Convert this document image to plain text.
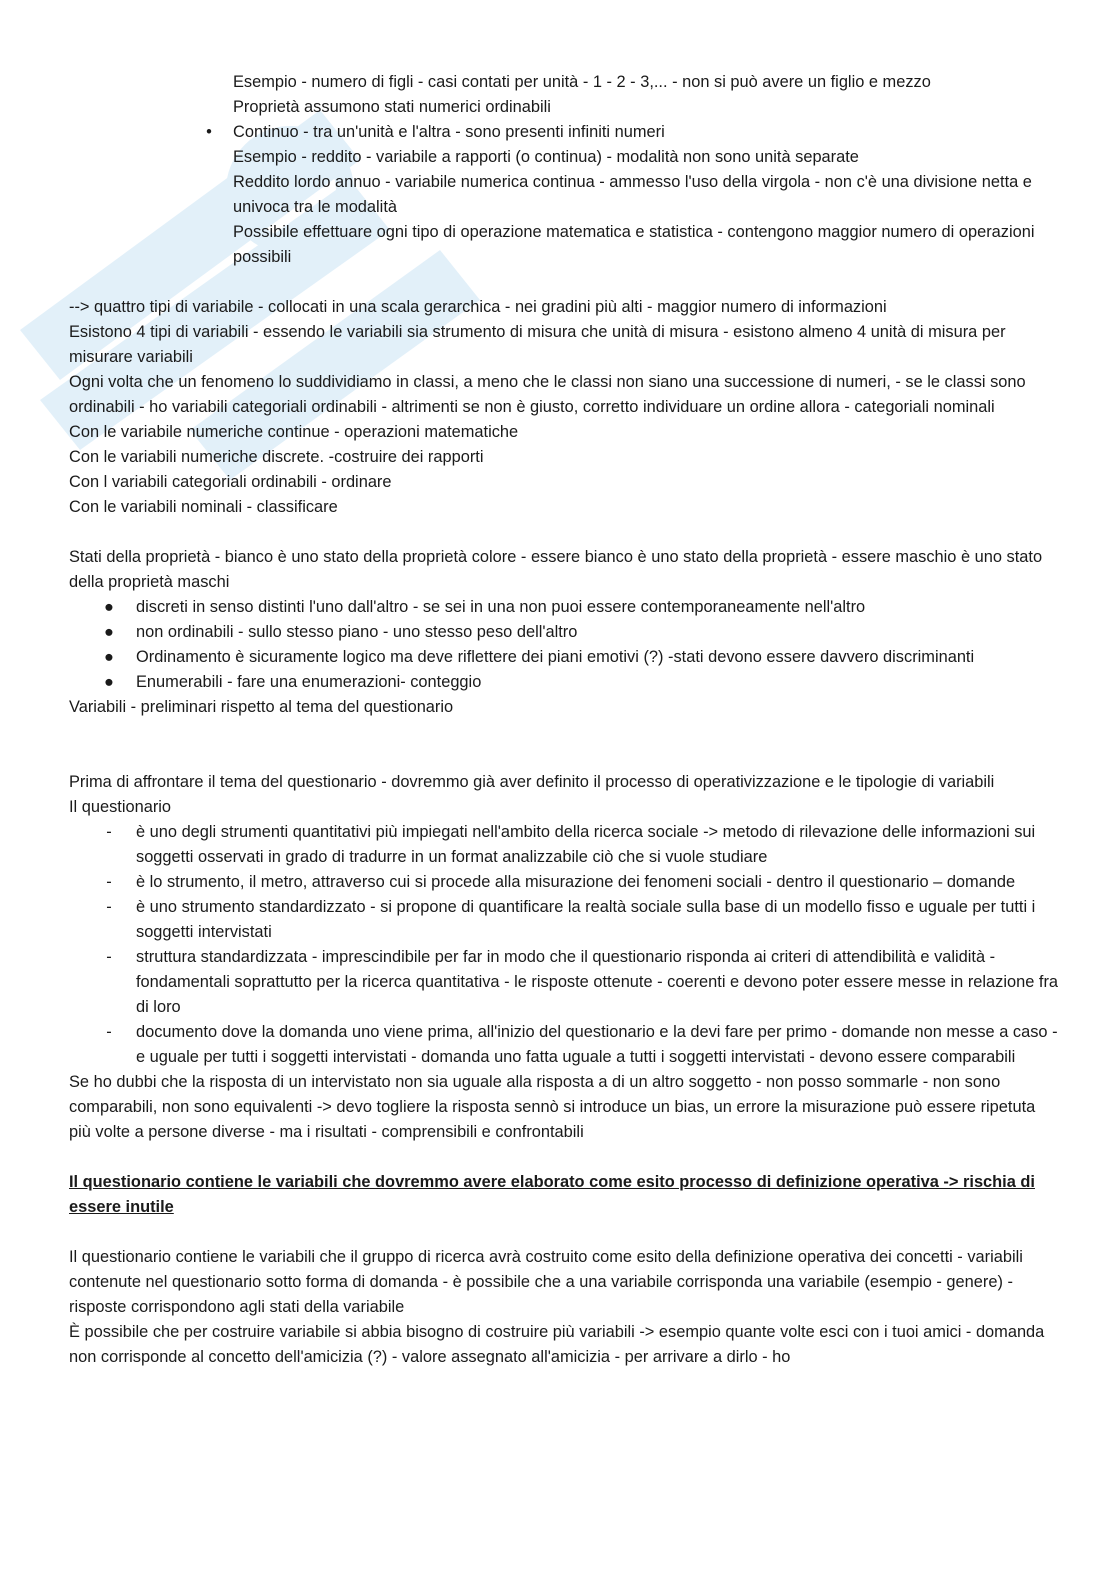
Esempio - numero di figli - casi contati per unità - 1 - 2 - 3,... - non si può avere un figlio e mezzo
Proprietà assumono stati numerici ordinabili
•	Continuo - tra un'unità e l'altra - sono presenti infiniti numeri
Esempio - reddito - variabile a rapporti (o continua) - modalità non sono unità separate
Reddito lordo annuo - variabile numerica continua - ammesso l'uso della virgola - non c'è una divisione netta e univoca tra le modalità
Possibile effettuare ogni tipo di operazione matematica e statistica - contengono maggior numero di operazioni possibili

--> quattro tipi di variabile - collocati in una scala gerarchica - nei gradini più alti - maggior numero di informazioni

Esistono 4 tipi di variabili - essendo le variabili sia strumento di misura che unità di misura - esistono almeno 4 unità di misura per misurare variabili

Ogni volta che un fenomeno lo suddividiamo in classi, a meno che le classi non siano una successione di numeri, - se le classi sono ordinabili - ho variabili categoriali ordinabili - altrimenti se non è giusto, corretto individuare un ordine allora - categoriali nominali

Con le variabile numeriche continue - operazioni matematiche

Con le variabili numeriche discrete. -costruire dei rapporti

Con l variabili categoriali ordinabili - ordinare

Con le variabili nominali - classificare

Stati della proprietà - bianco è uno stato della proprietà colore - essere bianco è uno stato della proprietà - essere maschio è uno stato della proprietà maschi

●	discreti in senso distinti l'uno dall'altro - se sei in una non puoi essere contemporaneamente nell'altro
●	non ordinabili - sullo stesso piano - uno stesso peso dell'altro
●	Ordinamento è sicuramente logico ma deve riflettere dei piani emotivi (?) -stati devono essere davvero discriminanti
●	Enumerabili - fare una enumerazioni- conteggio

Variabili - preliminari rispetto al tema del questionario

Prima di affrontare il tema del questionario - dovremmo già aver definito il processo di operativizzazione e le tipologie di variabili

Il questionario

-	è uno degli strumenti quantitativi più impiegati nell'ambito della ricerca sociale -> metodo di rilevazione delle informazioni sui soggetti osservati in grado di tradurre in un format analizzabile ciò che si vuole studiare
-	è lo strumento, il metro, attraverso cui si procede alla misurazione dei fenomeni sociali - dentro il questionario – domande
-	è uno strumento standardizzato - si propone di quantificare la realtà sociale sulla base di un modello fisso e uguale per tutti i soggetti intervistati
-	struttura standardizzata - imprescindibile per far in modo che il questionario risponda ai criteri di attendibilità e validità - fondamentali soprattutto per la ricerca quantitativa - le risposte ottenute - coerenti e devono poter essere messe in relazione fra di loro
-	documento dove la domanda uno viene prima, all'inizio del questionario e la devi fare per primo - domande non messe a caso - e uguale per tutti i soggetti intervistati - domanda uno fatta uguale a tutti i soggetti intervistati - devono essere comparabili

Se ho dubbi che la risposta di un intervistato non sia uguale alla risposta a di un altro soggetto - non posso sommarle - non sono comparabili, non sono equivalenti -> devo togliere la risposta sennò si introduce un bias, un errore la misurazione può essere ripetuta più volte a persone diverse - ma i risultati - comprensibili e confrontabili

Il questionario contiene le variabili che dovremmo avere elaborato come esito processo di definizione operativa -> rischia di essere inutile

Il questionario contiene le variabili che il gruppo di ricerca avrà costruito come esito della definizione operativa dei concetti - variabili contenute nel questionario sotto forma di domanda - è possibile che a una variabile corrisponda una variabile (esempio - genere) - risposte corrispondono agli stati della variabile

È possibile che per costruire variabile si abbia bisogno di costruire più variabili -> esempio quante volte esci con i tuoi amici - domanda non corrisponde al concetto dell'amicizia (?) - valore assegnato all'amicizia - per arrivare a dirlo - ho
